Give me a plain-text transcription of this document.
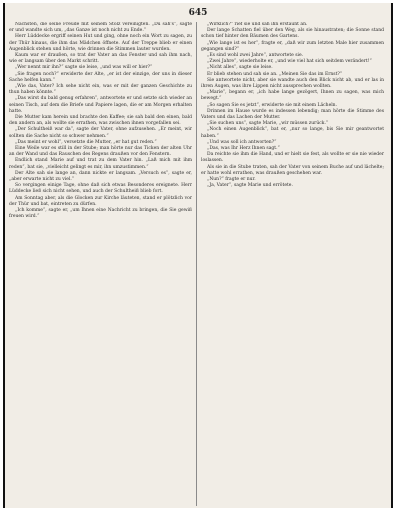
645

Nächsten, die seine Freude mit seinem Stolz vereinigten. „Du sah's“, sagte er und wandte sich um, „das Ganze ist noch nicht zu Ende.“

Herr Lüddecke ergriff seinen Hut und ging, ohne noch ein Wort zu sagen, zu der Thür hinaus, die ihm das Mädchen öffnete. Auf der Treppe blieb er einen Augenblick stehen und hörte, wie drinnen die Stimmen lauter wurden.

Kaum war er draußen, so trat der Vater an das Fenster und sah ihm nach, wie er langsam über den Markt schritt.

„Wer nennt mir ihn?“ sagte sie leise, „und was will er hier?“

„Sie fragen noch?“ erwiderte der Alte, „er ist der einzige, der uns in dieser Sache helfen kann.“

„Wie das, Vater? Ich sehe nicht ein, was er mit der ganzen Geschichte zu thun haben könnte.“

„Das wirst du bald genug erfahren“, antwortete er und setzte sich wieder an seinen Tisch, auf dem die Briefe und Papiere lagen, die er am Morgen erhalten hatte.

Die Mutter kam herein und brachte den Kaffee; sie sah bald den einen, bald den andern an, als wollte sie errathen, was zwischen ihnen vorgefallen sei.

„Der Schultheiß war da“, sagte der Vater, ohne aufzusehen. „Er meint, wir sollten die Sache nicht so schwer nehmen.“

„Das meint er wohl“, versetzte die Mutter, „er hat gut reden.“

Eine Weile war es still in der Stube; man hörte nur das Ticken der alten Uhr an der Wand und das Rauschen des Regens draußen vor den Fenstern.

Endlich stand Marie auf und trat zu dem Vater hin. „Laß mich mit ihm reden“, bat sie, „vielleicht gelingt es mir, ihn umzustimmen.“

Der Alte sah sie lange an, dann nickte er langsam. „Versuch es“, sagte er, „aber erwarte nicht zu viel.“

So vergingen einige Tage, ohne daß sich etwas Besonderes ereignete. Herr Lüddecke ließ sich nicht sehen, und auch der Schultheiß blieb fort.

Am Sonntag aber, als die Glocken zur Kirche läuteten, stand er plötzlich vor der Thür und bat, eintreten zu dürfen.

„Ich komme“, sagte er, „um Ihnen eine Nachricht zu bringen, die Sie gewiß freuen wird.“

„Wirklich?“ rief sie und sah ihn erstaunt an.

Der lange Schatten fiel über den Weg, als sie hinaustraten; die Sonne stand schon tief hinter den Bäumen des Gartens.

„Wie lange ist es her“, fragte er, „daß wir zum letzten Male hier zusammen gegangen sind?“

„Es sind wohl zwei Jahre“, antwortete sie.

„Zwei Jahre“, wiederholte er, „und wie viel hat sich seitdem verändert!“

„Nicht alles“, sagte sie leise.

Er blieb stehen und sah sie an. „Meinen Sie das im Ernst?“

Sie antwortete nicht, aber sie wandte auch den Blick nicht ab, und er las in ihren Augen, was ihre Lippen nicht aussprechen wollten.

„Marie“, begann er, „ich habe lange gezögert, Ihnen zu sagen, was mich bewegt.“

„So sagen Sie es jetzt“, erwiderte sie mit einem Lächeln.

Drinnen im Hause wurde es indessen lebendig; man hörte die Stimme des Vaters und das Lachen der Mutter.

„Sie suchen uns“, sagte Marie, „wir müssen zurück.“

„Noch einen Augenblick“, bat er, „nur so lange, bis Sie mir geantwortet haben.“

„Und was soll ich antworten?“

„Das, was Ihr Herz Ihnen sagt.“

Da reichte sie ihm die Hand, und er hielt sie fest, als wollte er sie nie wieder loslassen.

Als sie in die Stube traten, sah der Vater von seinem Buche auf und lächelte; er hatte wohl errathen, was draußen geschehen war.

„Nun?“ fragte er nur.

„Ja, Vater“, sagte Marie und errötete.
